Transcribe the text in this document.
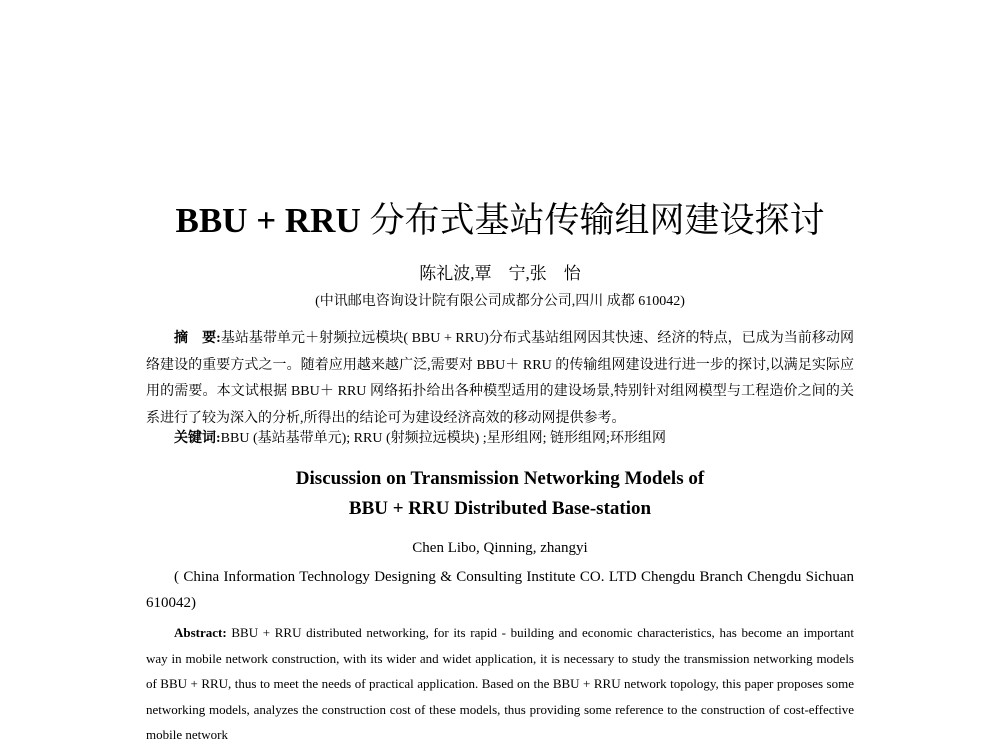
BBU + RRU 分布式基站传输组网建设探讨
陈礼波,覃　宁,张　怡
(中讯邮电咨询设计院有限公司成都分公司,四川 成都 610042)
摘　要:基站基带单元＋射频拉远模块( BBU + RRU)分布式基站组网因其快速、经济的特点，已成为当前移动网络建设的重要方式之一。随着应用越来越广泛,需要对 BBU＋ RRU 的传输组网建设进行进一步的探讨,以满足实际应用的需要。本文试根据 BBU＋ RRU 网络拓扑给出各种模型适用的建设场景,特别针对组网模型与工程造价之间的关系进行了较为深入的分析,所得出的结论可为建设经济高效的移动网提供参考。
关键词:BBU (基站基带单元); RRU (射频拉远模块) ;星形组网; 链形组网;环形组网
Discussion on Transmission Networking Models of
BBU + RRU Distributed Base-station
Chen Libo, Qinning, zhangyi
( China Information Technology Designing & Consulting Institute CO. LTD Chengdu Branch Chengdu Sichuan 610042)
Abstract: BBU + RRU distributed networking, for its rapid - building and economic characteristics, has become an important way in mobile network construction, with its wider and widet application, it is necessary to study the transmission networking models of BBU + RRU, thus to meet the needs of practical application. Based on the BBU + RRU network topology, this paper proposes some networking models, analyzes the construction cost of these models, thus providing some reference to the construction of cost-effective mobile network
